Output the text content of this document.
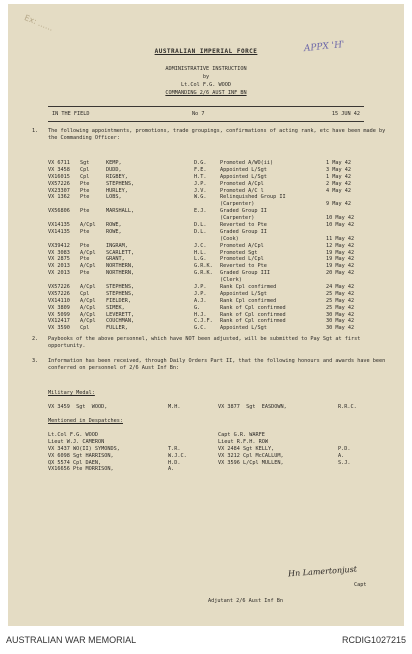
Ex: ......
APPX 'H'
AUSTRALIAN IMPERIAL FORCE
ADMINISTRATIVE INSTRUCTION
by
Lt.Col F.G. WOOD
COMMANDING 2/6 AUST INF BN
IN THE FIELD	No 7	15 JUN 42
1. The following appointments, promotions, trade groupings, confirmations of acting rank, etc have been made by the Commanding Officer:
VX 6711 Sgt	KEMP,	D.G.	Promoted A/WO(ii)	1 May 42
VX 3458 Cpl	DUDD,	F.E.	Appointed L/Sgt	3 May 42
VX16015 Cpl	RIGBEY,	H.T.	Appointed L/Sgt	1 May 42
VX57226 Pte	STEPHENS,	J.P.	Promoted A/Cpl	2 May 42
VX23307 Pte	HURLEY,	J.V.	Promoted A/C l	4 May 42
VX 1362 Pte	LOBS,	W.G.	Relinquished Group II
(Carpenter)	9 May 42
VX56806 Pte	MARSHALL,	E.J.	Graded Group II
(Carpenter)	10 May 42
VX14135 A/Cpl ROWE,	D.L.	Reverted to Pte	10 May 42
VX14135 Pte	ROWE,	D.L.	Graded Group II
(Cook)	11 May 42
VX39412 Pte	INGRAM,	J.C.	Promoted A/Cpl	12 May 42
VX 3083 A/Cpl SCARLETT,	H.L.	Promoted Sgt	19 May 42
VX 2875 Pte	GRANT,	L.G.	Promoted L/Cpl	19 May 42
VX 2013 A/Cpl NORTHERN,	G.R.K. Reverted to Pte	19 May 42
VX 2013 Pte	NORTHERN,	G.R.K. Graded Group III	20 May 42
(Clerk)
VX57226 A/Cpl STEPHENS,	J.P.	Rank Cpl confirmed	24 May 42
VX57226 Cpl	STEPHENS,	J.P.	Appointed L/Sgt	25 May 42
VX14110 A/Cpl FIELDER,	A.J.	Rank Cpl confirmed	25 May 42
VX 3809 A/Cpl SIMEK,	G.	Rank of Cpl confirmed	25 May 42
VX 5099 A/Cpl LEVERETT,	H.J.	Rank of Cpl confirmed	30 May 42
VX12417 A/Cpl COUCHMAN,	C.J.F. Rank of Cpl confirmed	30 May 42
VX 3590 Cpl	FULLER,	G.C.	Appointed L/Sgt	30 May 42
2. Paybooks of the above personnel, which have NOT been adjusted, will be submitted to Pay Sgt at first opportunity.
3. Information has been received, through Daily Orders Part II, that the following honours and awards have been conferred on personnel of 2/6 Aust Inf Bn:
Military Medal:
VX 3459  Sgt  WOOD,	M.H.	VX 3877  Sgt  EASDOWN,	R.R.C.
Mentioned in Despatches:
Lt.Col F.G. WOOD	Capt G.R. WARFE
Lieut W.J. CAMERON	Lieut R.F.H. ROW
VX 3437 WO(II) SYMONDS,	T.R.	VX 2484 Sgt KELLY,	P.D.
VX 6098 Sgt HARRISON,	W.J.C.	VX 3212 Cpl McCALLUM,	A.
QX 5574 Cpl DAEN,	H.D.	VX 3596 L/Cpl MULLEN,	S.J.
VX16656 Pte MORRISON,	A.
Hn Lamertonjust
Capt
Adjutant 2/6 Aust Inf Bn
AUSTRALIAN WAR MEMORIAL	RCDIG1027215
